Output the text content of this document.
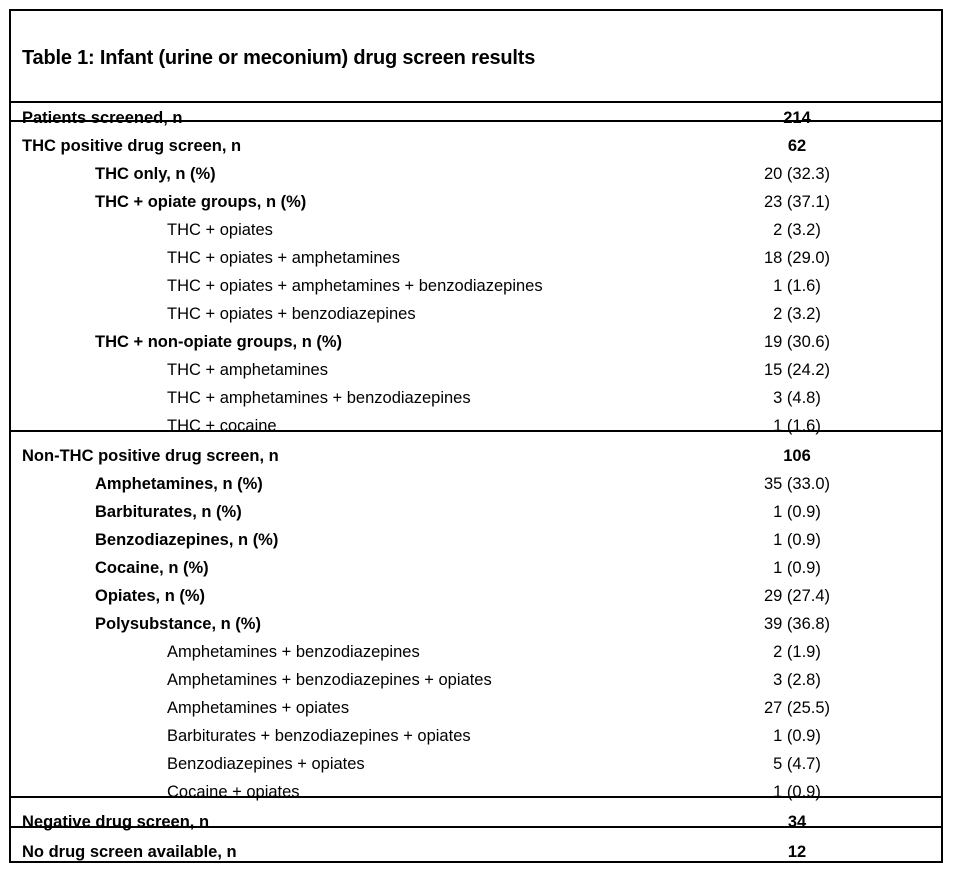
Table 1: Infant (urine or meconium) drug screen results
Patients screened, n	214
THC positive drug screen, n	62
THC only, n (%)	20 (32.3)
THC + opiate groups, n (%)	23 (37.1)
THC + opiates	2 (3.2)
THC + opiates + amphetamines	18 (29.0)
THC + opiates + amphetamines + benzodiazepines	1 (1.6)
THC + opiates + benzodiazepines	2 (3.2)
THC + non-opiate groups, n (%)	19 (30.6)
THC + amphetamines	15 (24.2)
THC + amphetamines + benzodiazepines	3 (4.8)
THC + cocaine	1 (1.6)
Non-THC positive drug screen, n	106
Amphetamines, n (%)	35 (33.0)
Barbiturates, n (%)	1 (0.9)
Benzodiazepines, n (%)	1 (0.9)
Cocaine, n (%)	1 (0.9)
Opiates, n (%)	29 (27.4)
Polysubstance, n (%)	39 (36.8)
Amphetamines + benzodiazepines	2 (1.9)
Amphetamines + benzodiazepines + opiates	3 (2.8)
Amphetamines + opiates	27 (25.5)
Barbiturates + benzodiazepines + opiates	1 (0.9)
Benzodiazepines + opiates	5 (4.7)
Cocaine + opiates	1 (0.9)
Negative drug screen, n	34
No drug screen available, n	12
